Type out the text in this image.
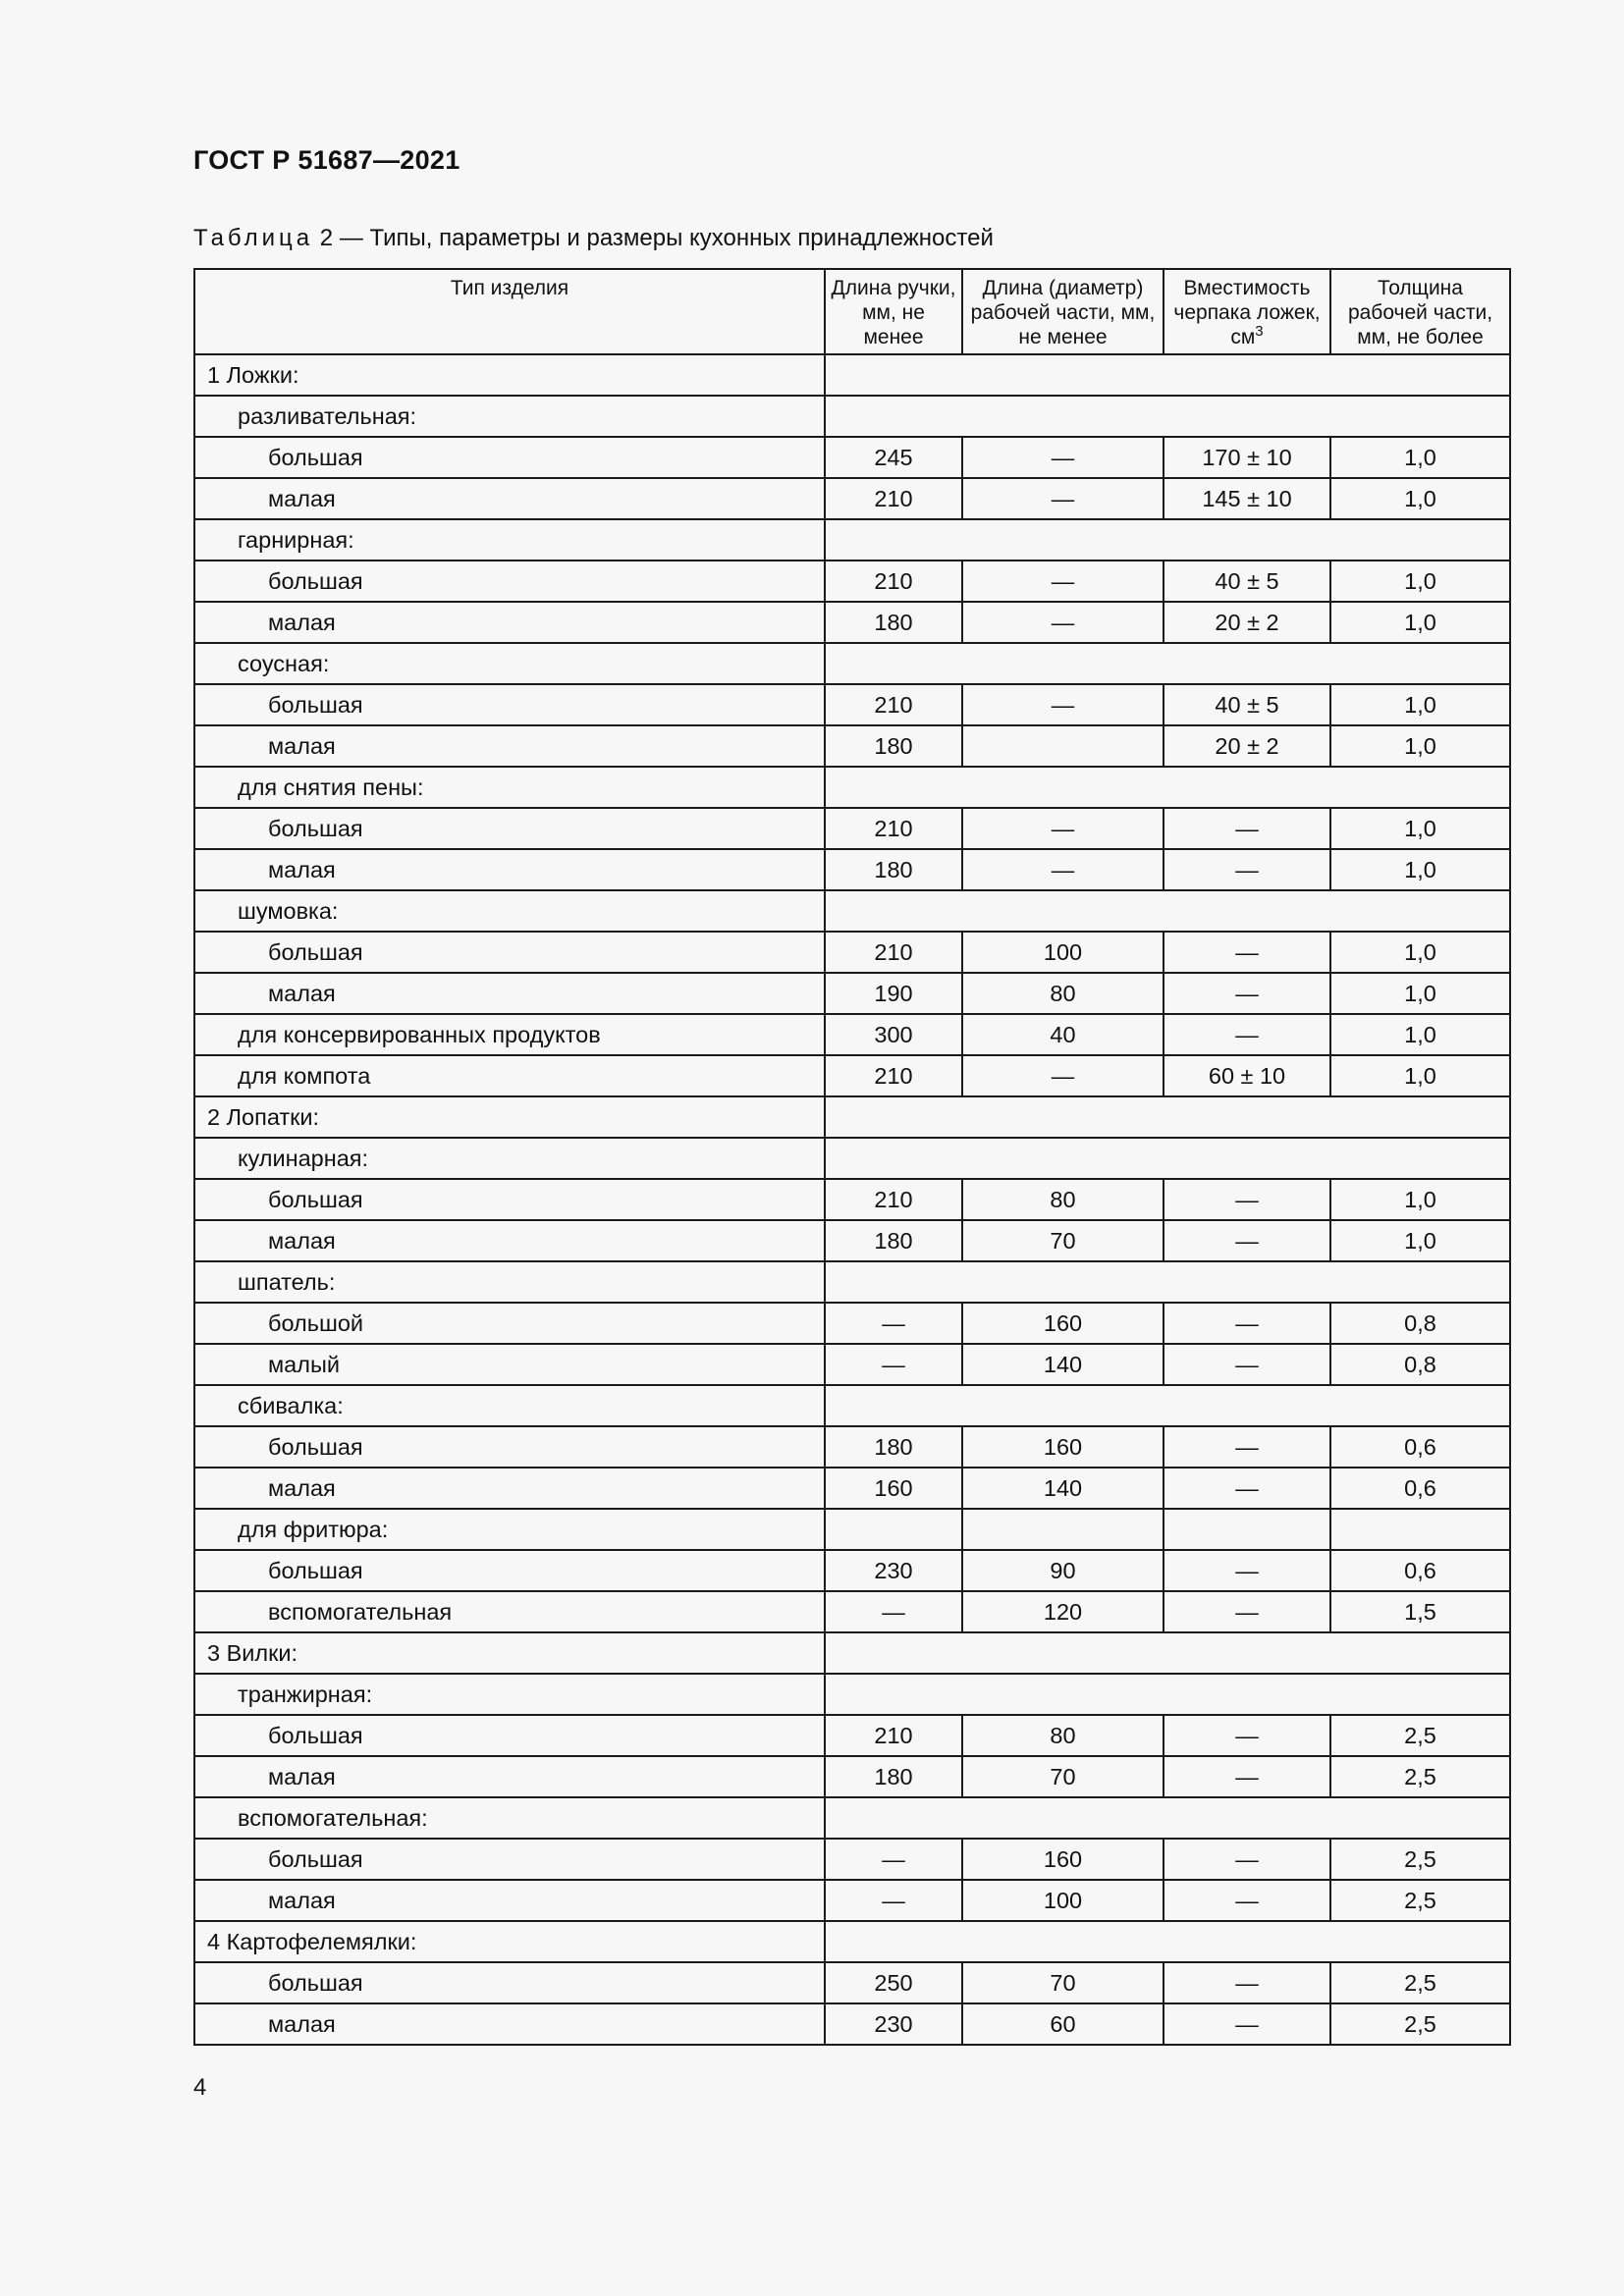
ГОСТ Р 51687—2021
Таблица 2 — Типы, параметры и размеры кухонных принадлежностей
Тип изделия	Длина ручки, мм, не менее	Длина (диаметр) рабочей части, мм, не менее	Вместимость черпака ложек, $см^3$	Толщина рабочей части, мм, не более
1 Ложки:				
разливательная:				
большая	245	—	170 ± 10	1,0
малая	210	—	145 ± 10	1,0
гарнирная:				
большая	210	—	40 ± 5	1,0
малая	180	—	20 ± 2	1,0
соусная:				
большая	210	—	40 ± 5	1,0
малая	180		20 ± 2	1,0
для снятия пены:				
большая	210	—	—	1,0
малая	180	—	—	1,0
шумовка:				
большая	210	100	—	1,0
малая	190	80	—	1,0
для консервированных продуктов	300	40	—	1,0
для компота	210	—	60 ± 10	1,0
2 Лопатки:				
кулинарная:				
большая	210	80	—	1,0
малая	180	70	—	1,0
шпатель:				
большой	—	160	—	0,8
малый	—	140	—	0,8
сбивалка:				
большая	180	160	—	0,6
малая	160	140	—	0,6
для фритюра:				
большая	230	90	—	0,6
вспомогательная	—	120	—	1,5
3 Вилки:				
транжирная:				
большая	210	80	—	2,5
малая	180	70	—	2,5
вспомогательная:				
большая	—	160	—	2,5
малая	—	100	—	2,5
4 Картофелемялки:				
большая	250	70	—	2,5
малая	230	60	—	2,5
4
